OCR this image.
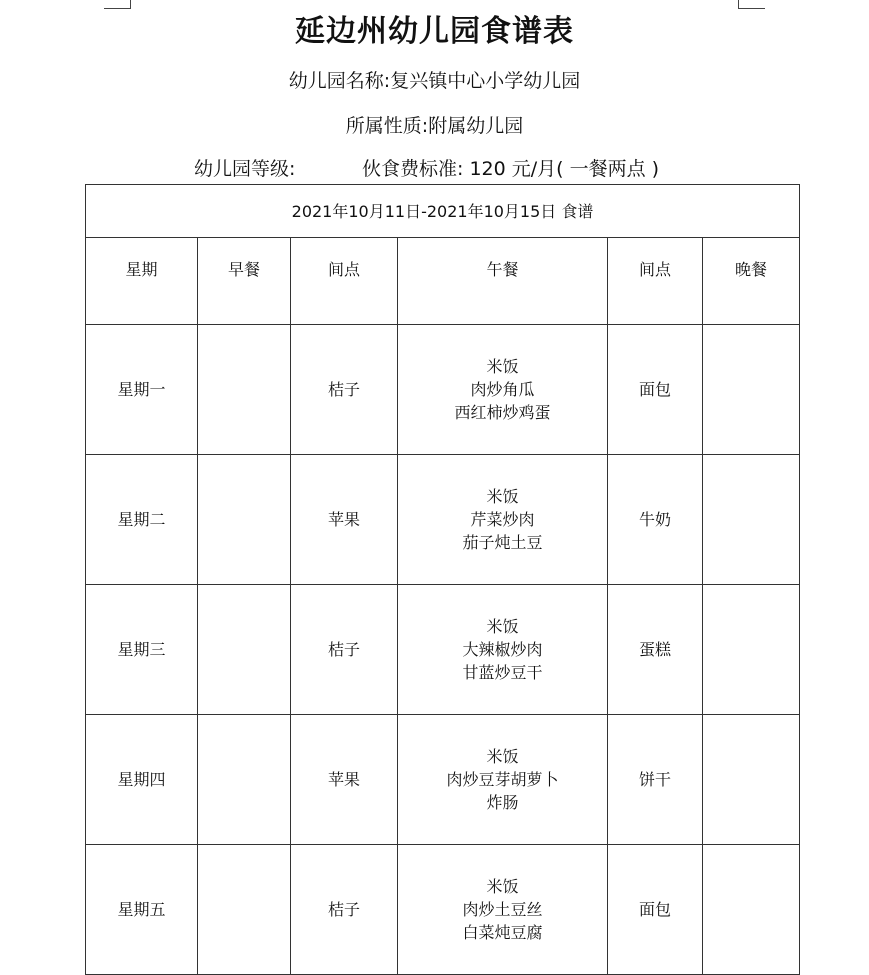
延边州幼儿园食谱表
幼儿园名称:复兴镇中心小学幼儿园
所属性质:附属幼儿园
幼儿园等级:	伙食费标准: 120 元/月( 一餐两点 )
2021年10月11日-2021年10月15日 食谱					
星期	早餐	间点	午餐	间点	晚餐
星期一		桔子	米饭
肉炒角瓜
西红柿炒鸡蛋	面包	
星期二		苹果	米饭
芹菜炒肉
茄子炖土豆	牛奶	
星期三		桔子	米饭
大辣椒炒肉
甘蓝炒豆干	蛋糕	
星期四		苹果	米饭
肉炒豆芽胡萝卜
炸肠	饼干	
星期五		桔子	米饭
肉炒土豆丝
白菜炖豆腐	面包	
